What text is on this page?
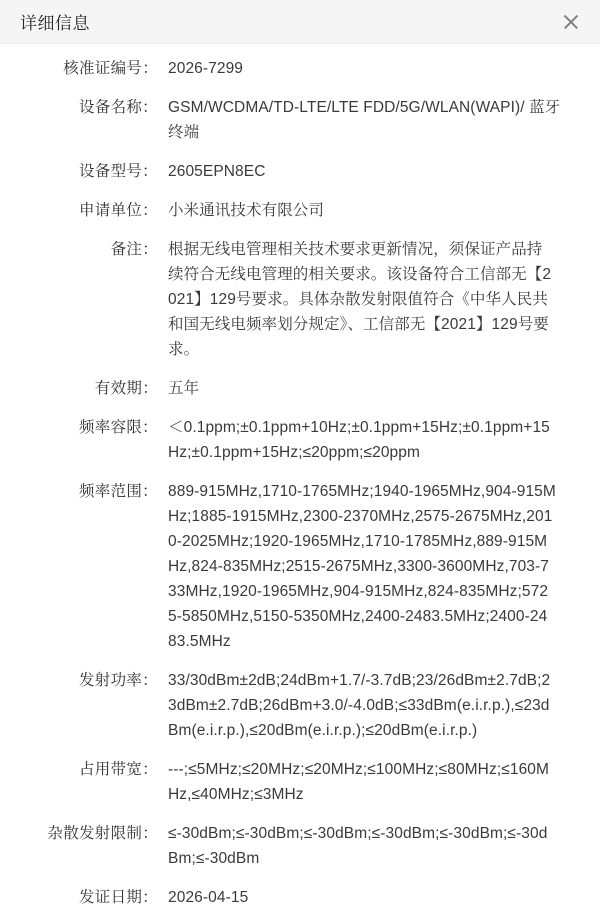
详细信息
核准证编号： 2026-7299
设备名称： GSM/WCDMA/TD-LTE/LTE FDD/5G/WLAN(WAPI)/ 蓝牙终端
设备型号： 2605EPN8EC
申请单位： 小米通讯技术有限公司
备注： 根据无线电管理相关技术要求更新情况，须保证产品持续符合无线电管理的相关要求。该设备符合工信部无【2021】129号要求。具体杂散发射限值符合《中华人民共和国无线电频率划分规定》、工信部无【2021】129号要求。
有效期： 五年
频率容限： ＜0.1ppm;±0.1ppm+10Hz;±0.1ppm+15Hz;±0.1ppm+15Hz;±0.1ppm+15Hz;≤20ppm;≤20ppm
频率范围： 889-915MHz,1710-1765MHz;1940-1965MHz,904-915MHz;1885-1915MHz,2300-2370MHz,2575-2675MHz,2010-2025MHz;1920-1965MHz,1710-1785MHz,889-915MHz,824-835MHz;2515-2675MHz,3300-3600MHz,703-733MHz,1920-1965MHz,904-915MHz,824-835MHz;5725-5850MHz,5150-5350MHz,2400-2483.5MHz;2400-2483.5MHz
发射功率： 33/30dBm±2dB;24dBm+1.7/-3.7dB;23/26dBm±2.7dB;23dBm±2.7dB;26dBm+3.0/-4.0dB;≤33dBm(e.i.r.p.),≤23dBm(e.i.r.p.),≤20dBm(e.i.r.p.);≤20dBm(e.i.r.p.)
占用带宽： ---;≤5MHz;≤20MHz;≤20MHz;≤100MHz;≤80MHz;≤160MHz,≤40MHz;≤3MHz
杂散发射限制： ≤-30dBm;≤-30dBm;≤-30dBm;≤-30dBm;≤-30dBm;≤-30dBm;≤-30dBm
发证日期： 2026-04-15
